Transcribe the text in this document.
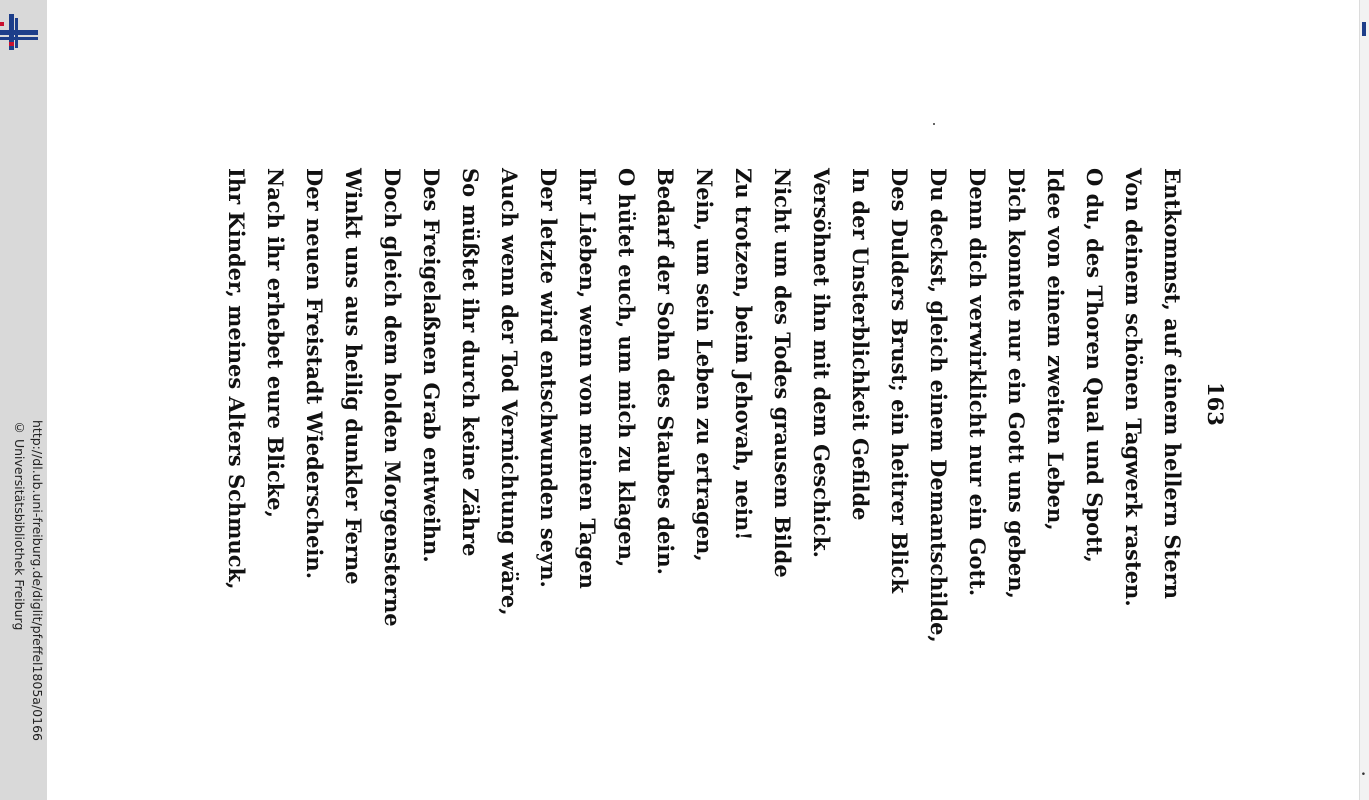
http://dl.ub.uni-freiburg.de/diglit/pfeffel1805a/0166
© Universitätsbibliothek Freiburg
163
Entkommst, auf einem hellern Stern
Von deinem schönen Tagwerk rasten.
O du, des Thoren Qual und Spott,
Idee von einem zweiten Leben,
Dich konnte nur ein Gott uns geben,
Denn dich verwirklicht nur ein Gott.
Du deckst, gleich einem Demantschilde,
Des Dulders Brust; ein heitrer Blick
In der Unsterblichkeit Gefilde
Versöhnet ihn mit dem Geschick.
Nicht um des Todes grausem Bilde
Zu trotzen, beim Jehovah, nein!
Nein, um sein Leben zu ertragen,
Bedarf der Sohn des Staubes dein.
O hütet euch, um mich zu klagen,
Ihr Lieben, wenn von meinen Tagen
Der letzte wird entschwunden seyn.
Auch wenn der Tod Vernichtung wäre,
So müßtet ihr durch keine Zähre
Des Freigelaßnen Grab entweihn.
Doch gleich dem holden Morgensterne
Winkt uns aus heilig dunkler Ferne
Der neuen Freistadt Wiederschein.
Nach ihr erhebet eure Blicke,
Ihr Kinder, meines Alters Schmuck,
•
